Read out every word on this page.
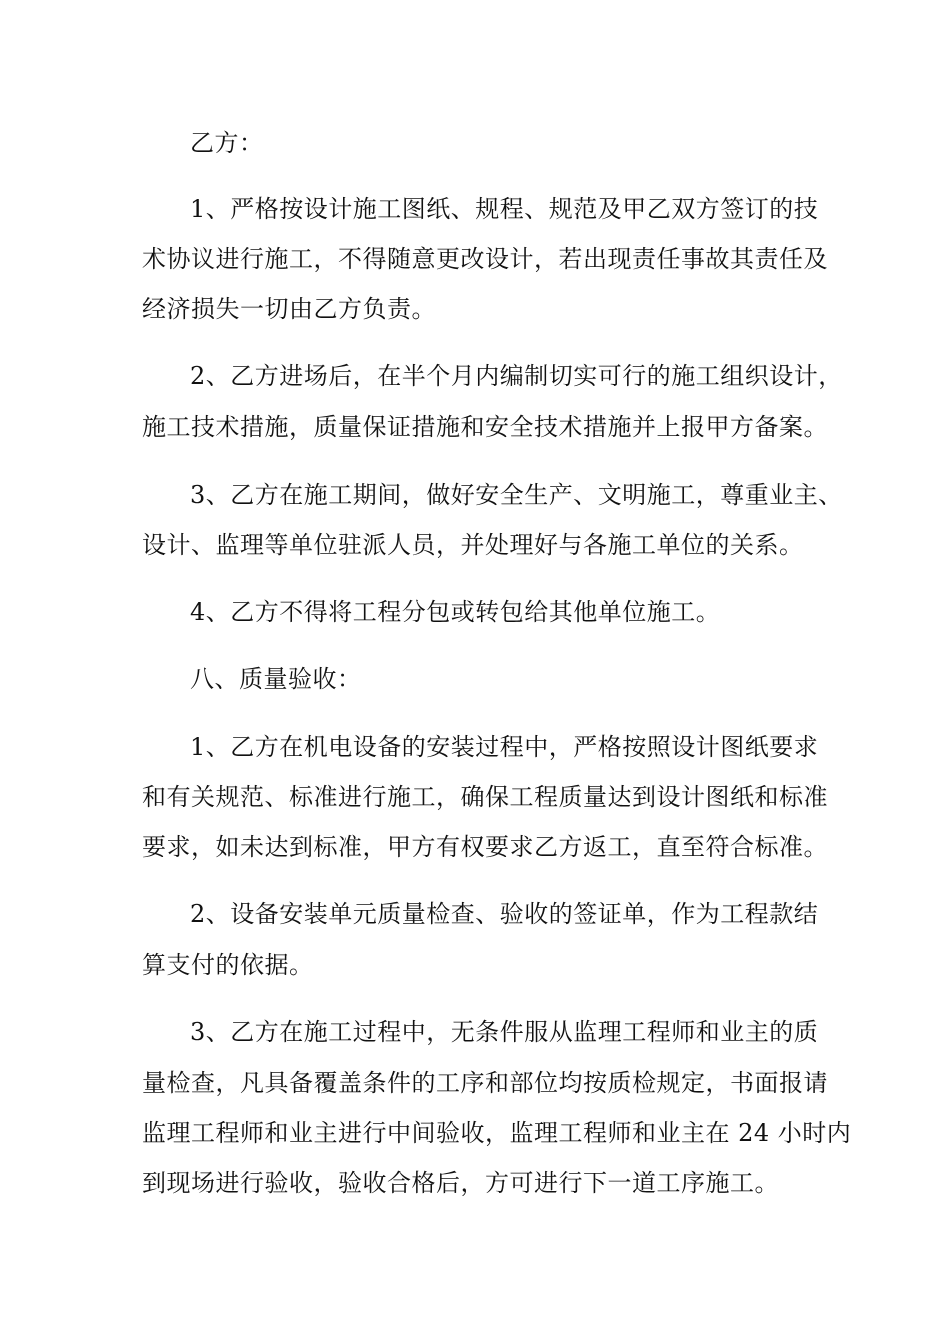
乙方：
1、严格按设计施工图纸、规程、规范及甲乙双方签订的技
术协议进行施工，不得随意更改设计，若出现责任事故其责任及
经济损失一切由乙方负责。
2、乙方进场后，在半个月内编制切实可行的施工组织设计，
施工技术措施，质量保证措施和安全技术措施并上报甲方备案。
3、乙方在施工期间，做好安全生产、文明施工，尊重业主、
设计、监理等单位驻派人员，并处理好与各施工单位的关系。
4、乙方不得将工程分包或转包给其他单位施工。
八、质量验收：
1、乙方在机电设备的安装过程中，严格按照设计图纸要求
和有关规范、标准进行施工，确保工程质量达到设计图纸和标准
要求，如未达到标准，甲方有权要求乙方返工，直至符合标准。
2、设备安装单元质量检查、验收的签证单，作为工程款结
算支付的依据。
3、乙方在施工过程中，无条件服从监理工程师和业主的质
量检查，凡具备覆盖条件的工序和部位均按质检规定，书面报请
监理工程师和业主进行中间验收，监理工程师和业主在 24 小时内
到现场进行验收，验收合格后，方可进行下一道工序施工。
